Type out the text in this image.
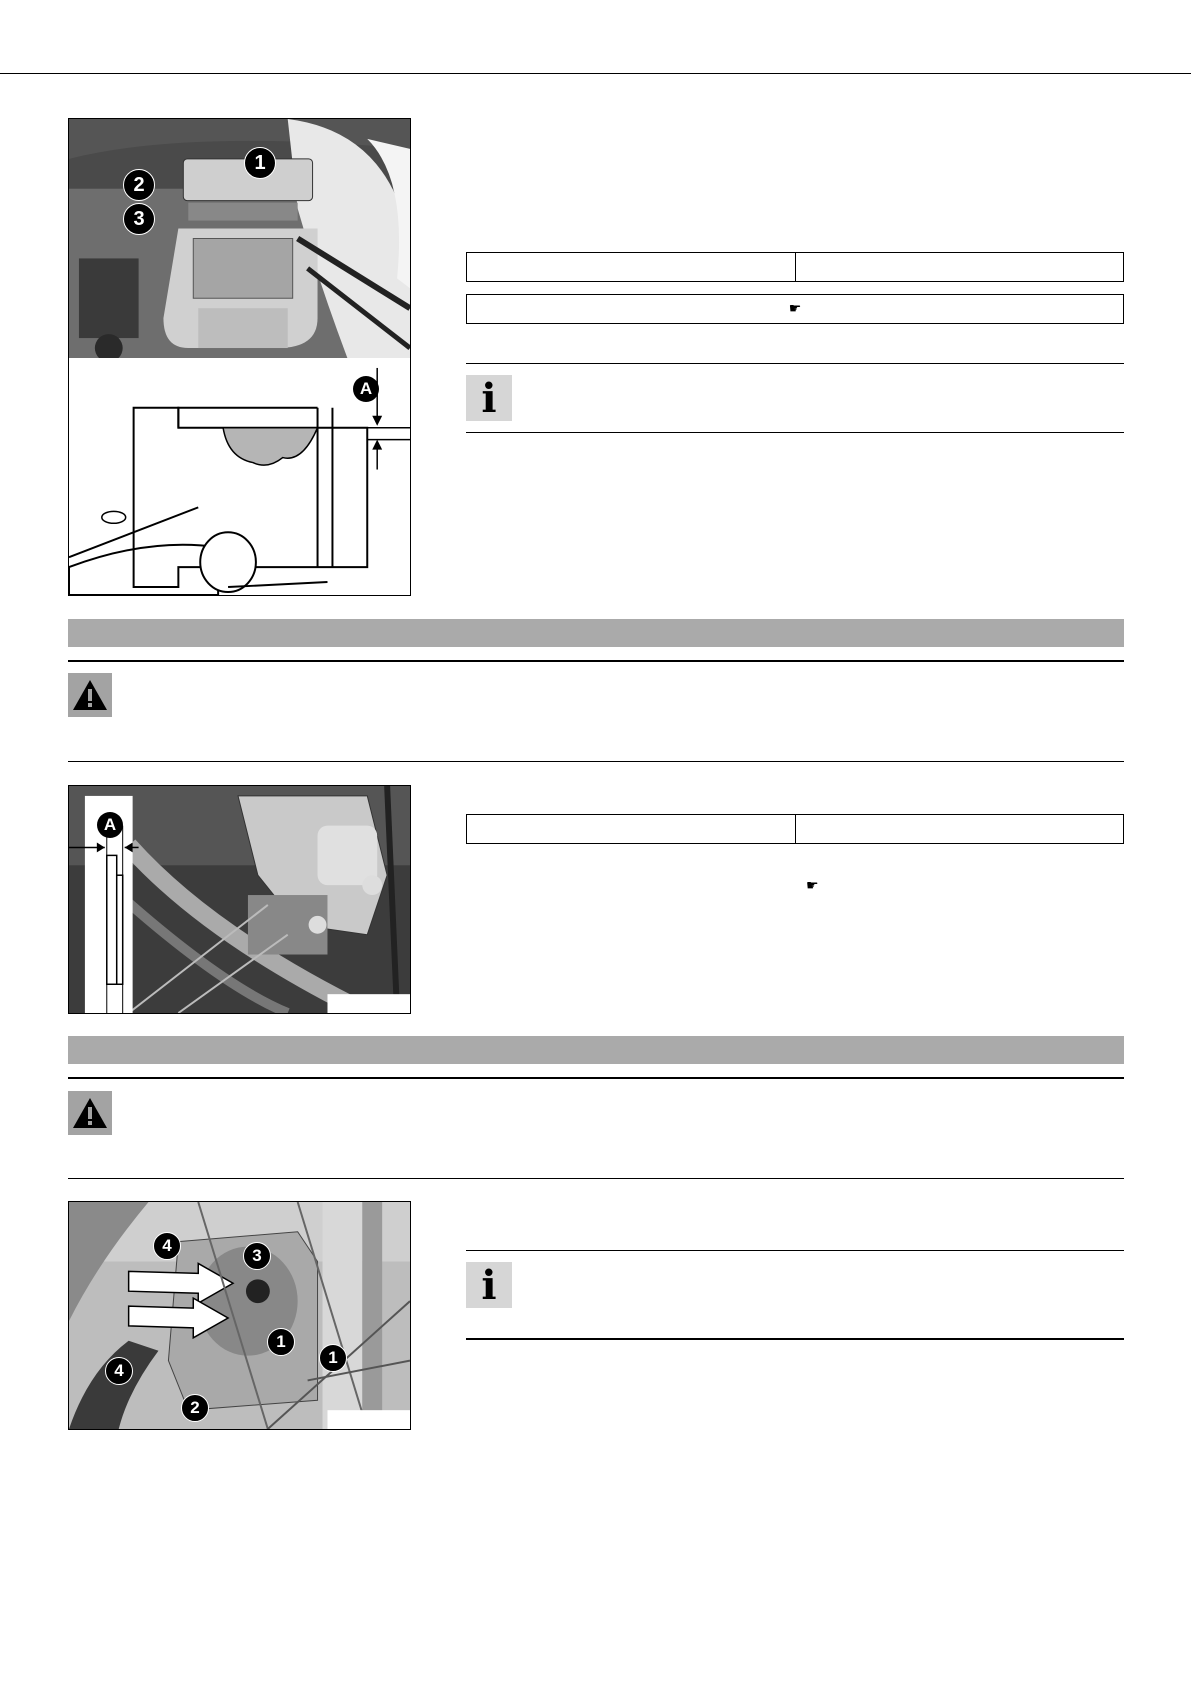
1
2
3
A
☛
i
A
☛
4
3
4
1
1
2
i
